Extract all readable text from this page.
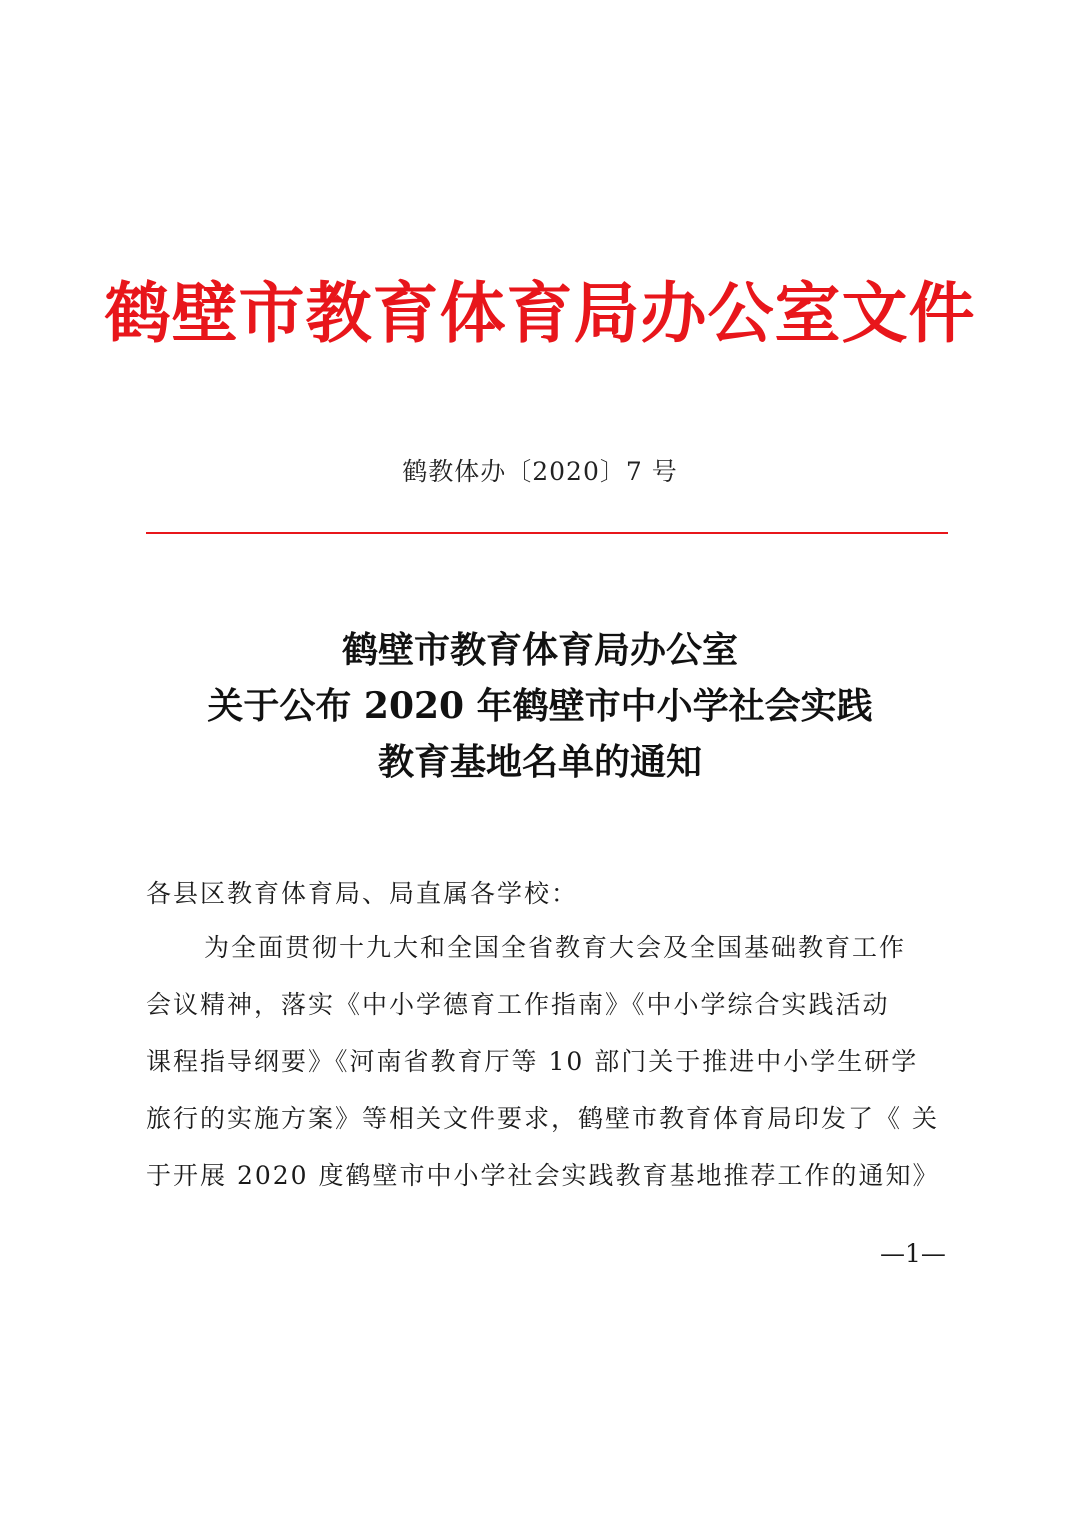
鹤壁市教育体育局办公室文件
鹤教体办〔2020〕7 号
鹤壁市教育体育局办公室
关于公布 2020 年鹤壁市中小学社会实践
教育基地名单的通知
各县区教育体育局、局直属各学校：
为全面贯彻十九大和全国全省教育大会及全国基础教育工作
会议精神，落实《中小学德育工作指南》《中小学综合实践活动
课程指导纲要》《河南省教育厅等 10 部门关于推进中小学生研学
旅行的实施方案》等相关文件要求，鹤壁市教育体育局印发了《 关
于开展 2020 度鹤壁市中小学社会实践教育基地推荐工作的通知》
—1—
